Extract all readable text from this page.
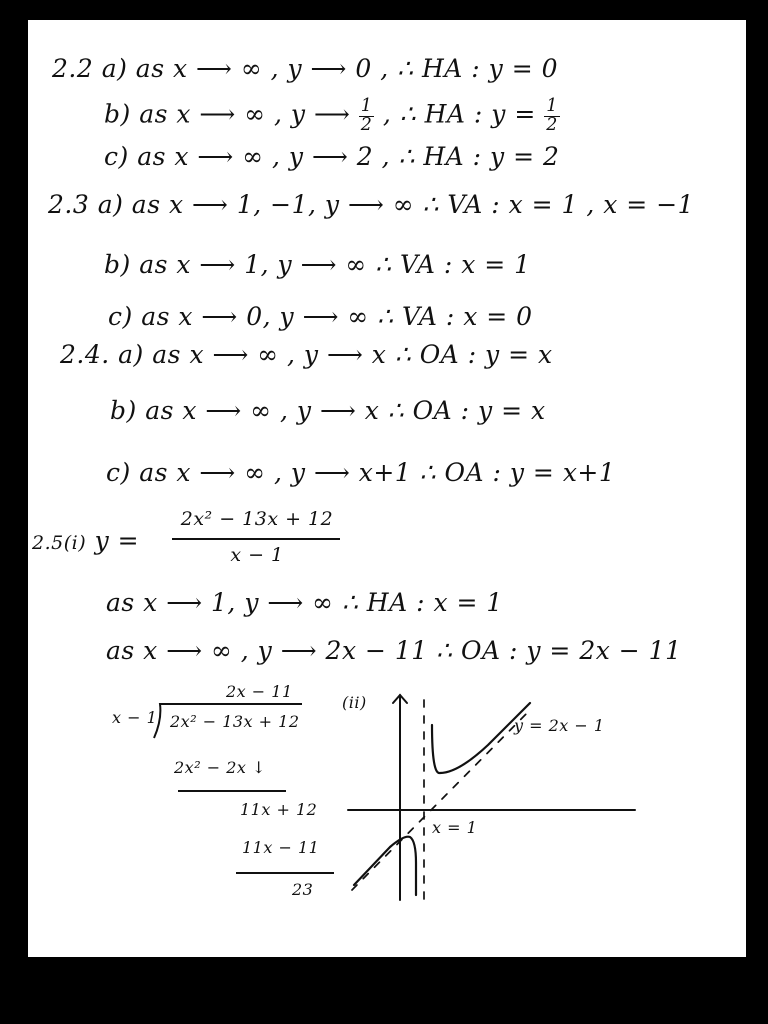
2.2 a) as x ⟶ ∞ , y ⟶ 0 , ∴ HA : y = 0
b) as x ⟶ ∞ , y ⟶ $\frac{1}{2}$ , ∴ HA : $y = \frac{1}{2}$
c) as x ⟶ ∞ , y ⟶ 2 , ∴ HA : y = 2
2.3 a) as x ⟶ 1, −1, y ⟶ ∞ ∴ VA : x = 1 , x = −1
b) as x ⟶ 1, y ⟶ ∞ ∴ VA : x = 1
c) as x ⟶ 0, y ⟶ ∞ ∴ VA : x = 0
2.4. a) as x ⟶ ∞ , y ⟶ x ∴ OA : y = x
b) as x ⟶ ∞ , y ⟶ x ∴ OA : y = x
c) as x ⟶ ∞ , y ⟶ x+1 ∴ OA : y = x+1
2.5(i) y =
2x² − 13x + 12
x − 1
as x ⟶ 1, y ⟶ ∞ ∴ HA : x = 1
as x ⟶ ∞ , y ⟶ 2x − 11 ∴ OA : y = 2x − 11
2x − 11
x − 1 2x² − 13x + 12
2x² − 2x ↓
11x + 12
11x − 11
23
(ii)
y = 2x − 1
x = 1
